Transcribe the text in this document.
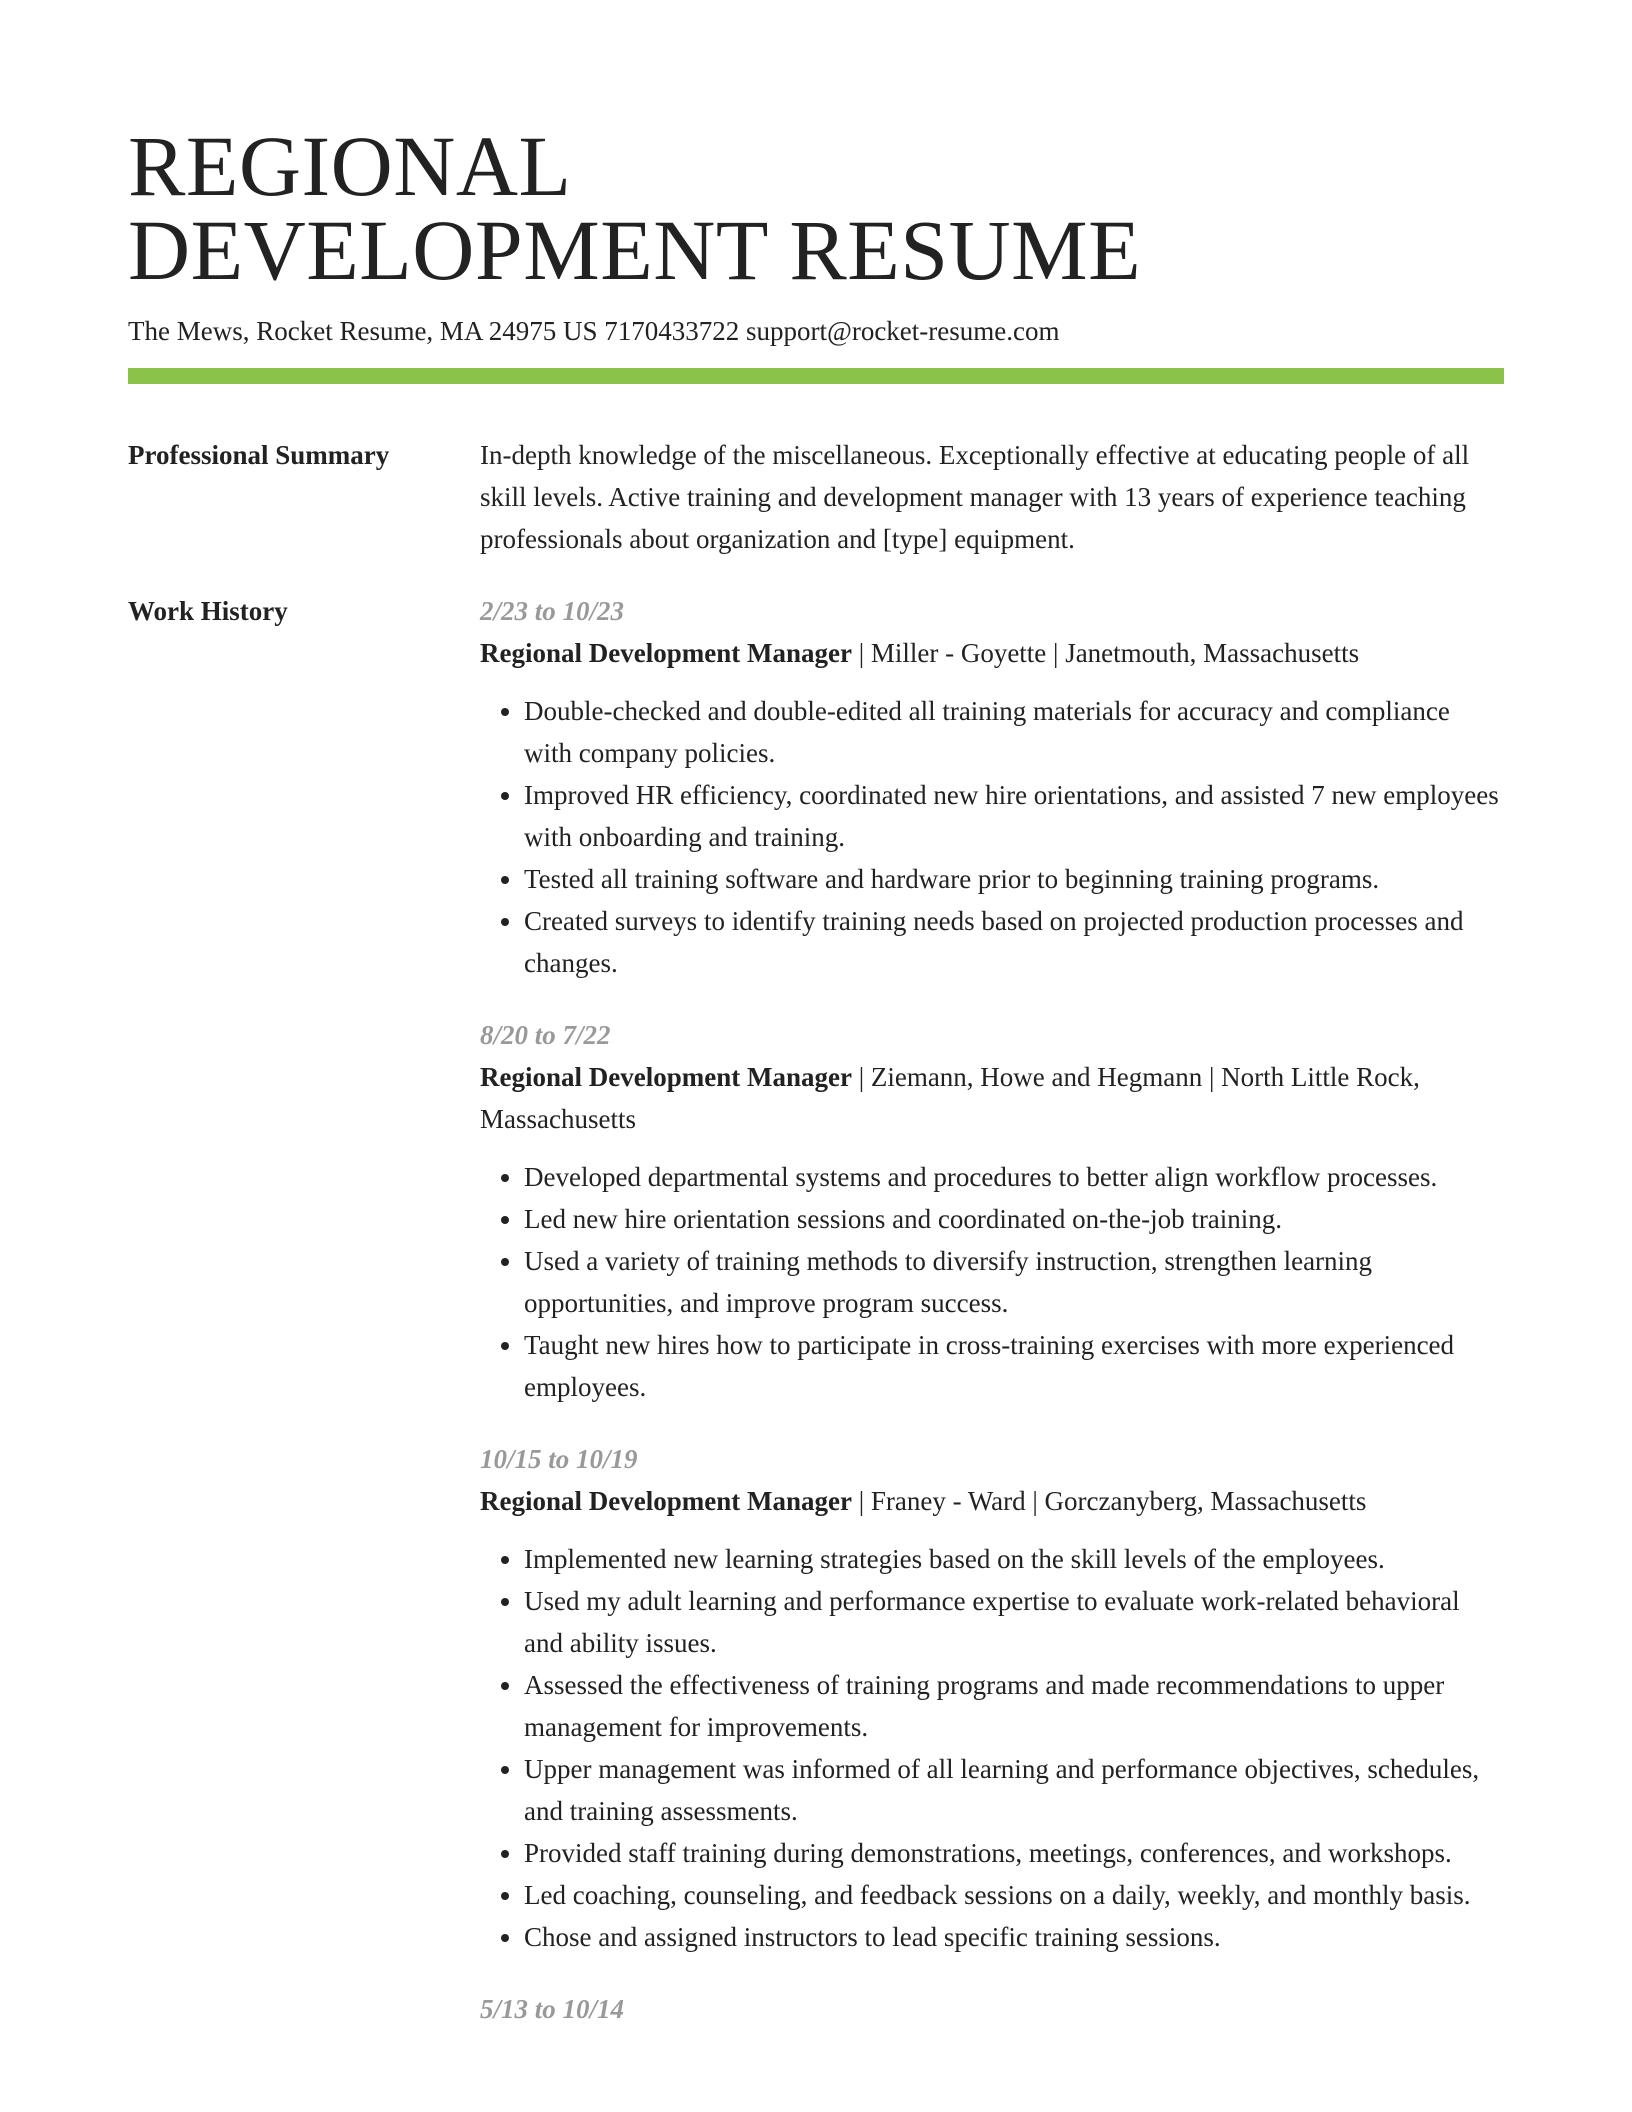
REGIONAL
DEVELOPMENT RESUME
The Mews, Rocket Resume, MA 24975 US 7170433722 support@rocket-resume.com
Professional Summary	In-depth knowledge of the miscellaneous. Exceptionally effective at educating people of all skill levels. Active training and development manager with 13 years of experience teaching professionals about organization and [type] equipment.

Work History	2/23 to 10/23
Regional Development Manager | Miller - Goyette | Janetmouth, Massachusetts
• Double-checked and double-edited all training materials for accuracy and compliance with company policies.
• Improved HR efficiency, coordinated new hire orientations, and assisted 7 new employees with onboarding and training.
• Tested all training software and hardware prior to beginning training programs.
• Created surveys to identify training needs based on projected production processes and changes.
8/20 to 7/22
Regional Development Manager | Ziemann, Howe and Hegmann | North Little Rock, Massachusetts
• Developed departmental systems and procedures to better align workflow processes.
• Led new hire orientation sessions and coordinated on-the-job training.
• Used a variety of training methods to diversify instruction, strengthen learning opportunities, and improve program success.
• Taught new hires how to participate in cross-training exercises with more experienced employees.
10/15 to 10/19
Regional Development Manager | Franey - Ward | Gorczanyberg, Massachusetts
• Implemented new learning strategies based on the skill levels of the employees.
• Used my adult learning and performance expertise to evaluate work-related behavioral and ability issues.
• Assessed the effectiveness of training programs and made recommendations to upper management for improvements.
• Upper management was informed of all learning and performance objectives, schedules, and training assessments.
• Provided staff training during demonstrations, meetings, conferences, and workshops.
• Led coaching, counseling, and feedback sessions on a daily, weekly, and monthly basis.
• Chose and assigned instructors to lead specific training sessions.
5/13 to 10/14
